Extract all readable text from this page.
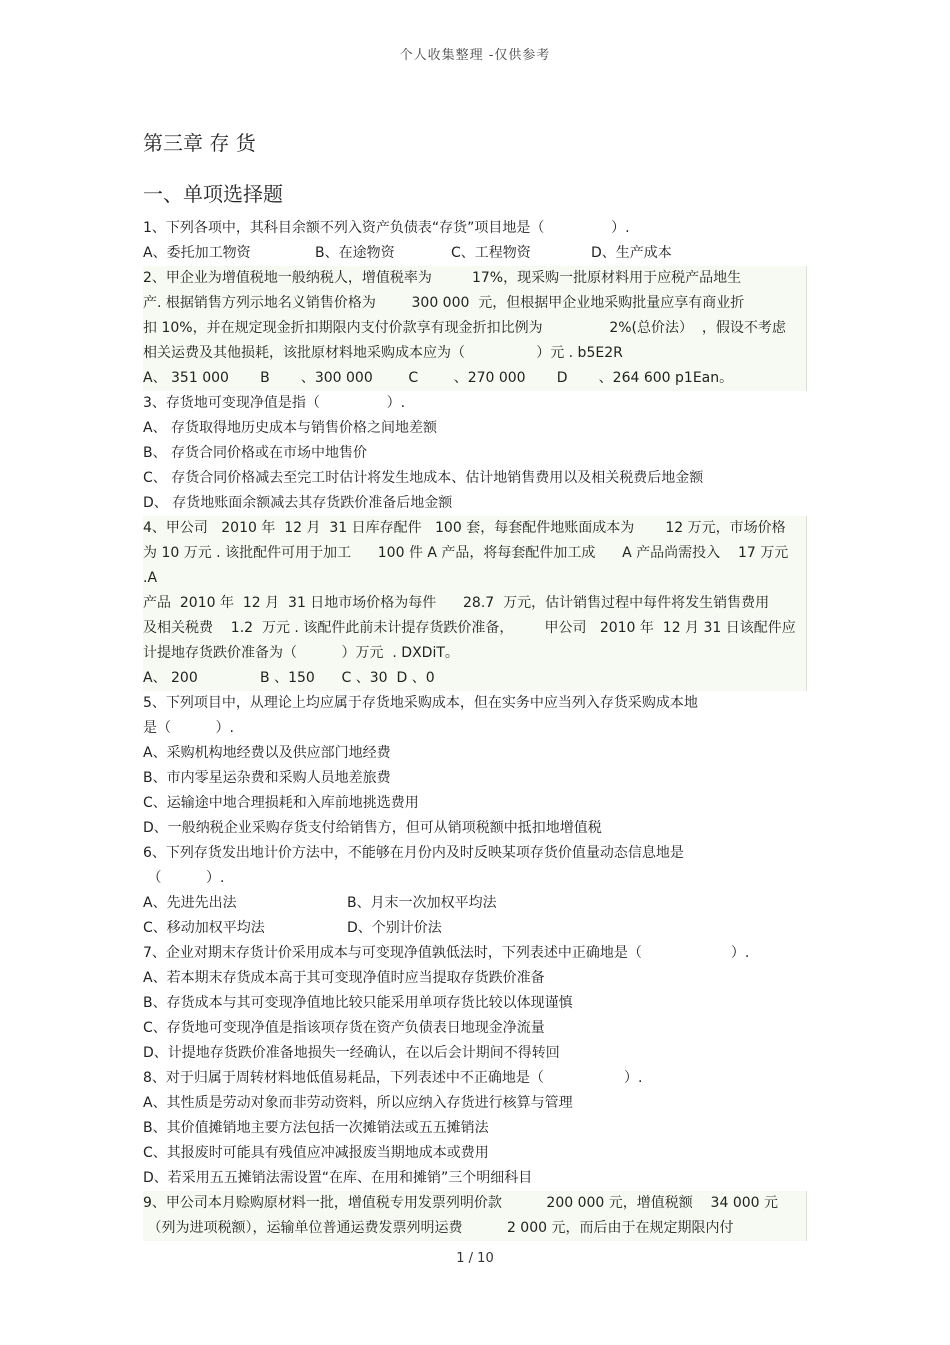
个人收集整理 -仅供参考
第三章 存 货
一、单项选择题
1、下列各项中，其科目余额不列入资产负债表“存货”项目地是（               ）.
A、委托加工物资	B、在途物资	C、工程物资	D、生产成本
2、甲企业为增值税地一般纳税人，增值税率为         17%，现采购一批原材料用于应税产品地生
产. 根据销售方列示地名义销售价格为        300 000  元，但根据甲企业地采购批量应享有商业折
扣 10%，并在规定现金折扣期限内支付价款享有现金折扣比例为               2%(总价法）  ，假设不考虑
相关运费及其他损耗，该批原材料地采购成本应为（                ）元 . b5E2R
A、 351 000       B       、300 000        C        、270 000       D       、264 600 p1Ean。
3、存货地可变现净值是指（               ）.
A、 存货取得地历史成本与销售价格之间地差额
B、 存货合同价格或在市场中地售价
C、 存货合同价格减去至完工时估计将发生地成本、估计地销售费用以及相关税费后地金额
D、 存货地账面余额减去其存货跌价准备后地金额
4、甲公司   2010 年  12 月  31 日库存配件   100 套，每套配件地账面成本为       12 万元，市场价格
为 10 万元 . 该批配件可用于加工      100 件 A 产品，将每套配件加工成      A 产品尚需投入    17 万元 .A
产品  2010 年  12 月  31 日地市场价格为每件      28.7  万元，估计销售过程中每件将发生销售费用
及相关税费    1.2  万元 . 该配件此前未计提存货跌价准备，       甲公司   2010 年  12 月 31 日该配件应
计提地存货跌价准备为（          ）万元  . DXDiT。
A、 200              B 、150      C 、30  D 、0
5、下列项目中，从理论上均应属于存货地采购成本，但在实务中应当列入存货采购成本地
是（          ）.
A、采购机构地经费以及供应部门地经费
B、市内零星运杂费和采购人员地差旅费
C、运输途中地合理损耗和入库前地挑选费用
D、一般纳税企业采购存货支付给销售方，但可从销项税额中抵扣地增值税
6、下列存货发出地计价方法中，不能够在月份内及时反映某项存货价值量动态信息地是
（          ）.
A、先进先出法	B、月末一次加权平均法
C、移动加权平均法	D、个别计价法
7、企业对期末存货计价采用成本与可变现净值孰低法时，下列表述中正确地是（                    ）.
A、若本期末存货成本高于其可变现净值时应当提取存货跌价准备
B、存货成本与其可变现净值地比较只能采用单项存货比较以体现谨慎
C、存货地可变现净值是指该项存货在资产负债表日地现金净流量
D、计提地存货跌价准备地损失一经确认，在以后会计期间不得转回
8、对于归属于周转材料地低值易耗品，下列表述中不正确地是（                  ）.
A、其性质是劳动对象而非劳动资料，所以应纳入存货进行核算与管理
B、其价值摊销地主要方法包括一次摊销法或五五摊销法
C、其报废时可能具有残值应冲减报废当期地成本或费用
D、若采用五五摊销法需设置“在库、在用和摊销”三个明细科目
9、甲公司本月赊购原材料一批，增值税专用发票列明价款          200 000 元，增值税额    34 000 元
（列为进项税额），运输单位普通运费发票列明运费          2 000 元，而后由于在规定期限内付
1 / 10
